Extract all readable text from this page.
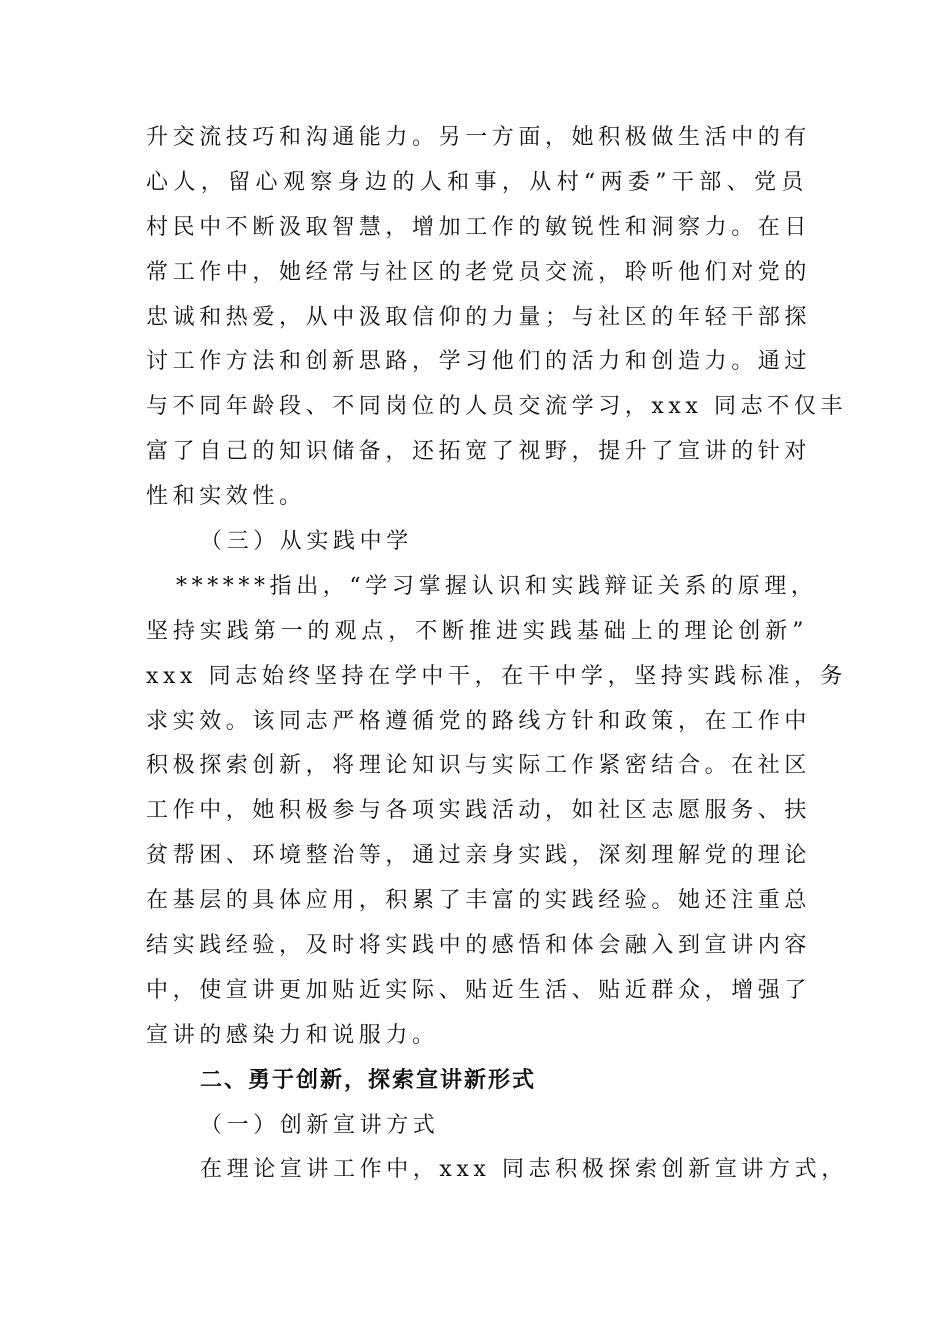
升交流技巧和沟通能力。另一方面，她积极做生活中的有
心人，留心观察身边的人和事，从村“两委”干部、党员
村民中不断汲取智慧，增加工作的敏锐性和洞察力。在日
常工作中，她经常与社区的老党员交流，聆听他们对党的
忠诚和热爱，从中汲取信仰的力量；与社区的年轻干部探
讨工作方法和创新思路，学习他们的活力和创造力。通过
与不同年龄段、不同岗位的人员交流学习，xxx 同志不仅丰
富了自己的知识储备，还拓宽了视野，提升了宣讲的针对
性和实效性。
（三）从实践中学
******指出，“学习掌握认识和实践辩证关系的原理，
坚持实践第一的观点，不断推进实践基础上的理论创新”
xxx 同志始终坚持在学中干，在干中学，坚持实践标准，务
求实效。该同志严格遵循党的路线方针和政策，在工作中
积极探索创新，将理论知识与实际工作紧密结合。在社区
工作中，她积极参与各项实践活动，如社区志愿服务、扶
贫帮困、环境整治等，通过亲身实践，深刻理解党的理论
在基层的具体应用，积累了丰富的实践经验。她还注重总
结实践经验，及时将实践中的感悟和体会融入到宣讲内容
中，使宣讲更加贴近实际、贴近生活、贴近群众，增强了
宣讲的感染力和说服力。
二、勇于创新，探索宣讲新形式
（一）创新宣讲方式
在理论宣讲工作中，xxx 同志积极探索创新宣讲方式，
